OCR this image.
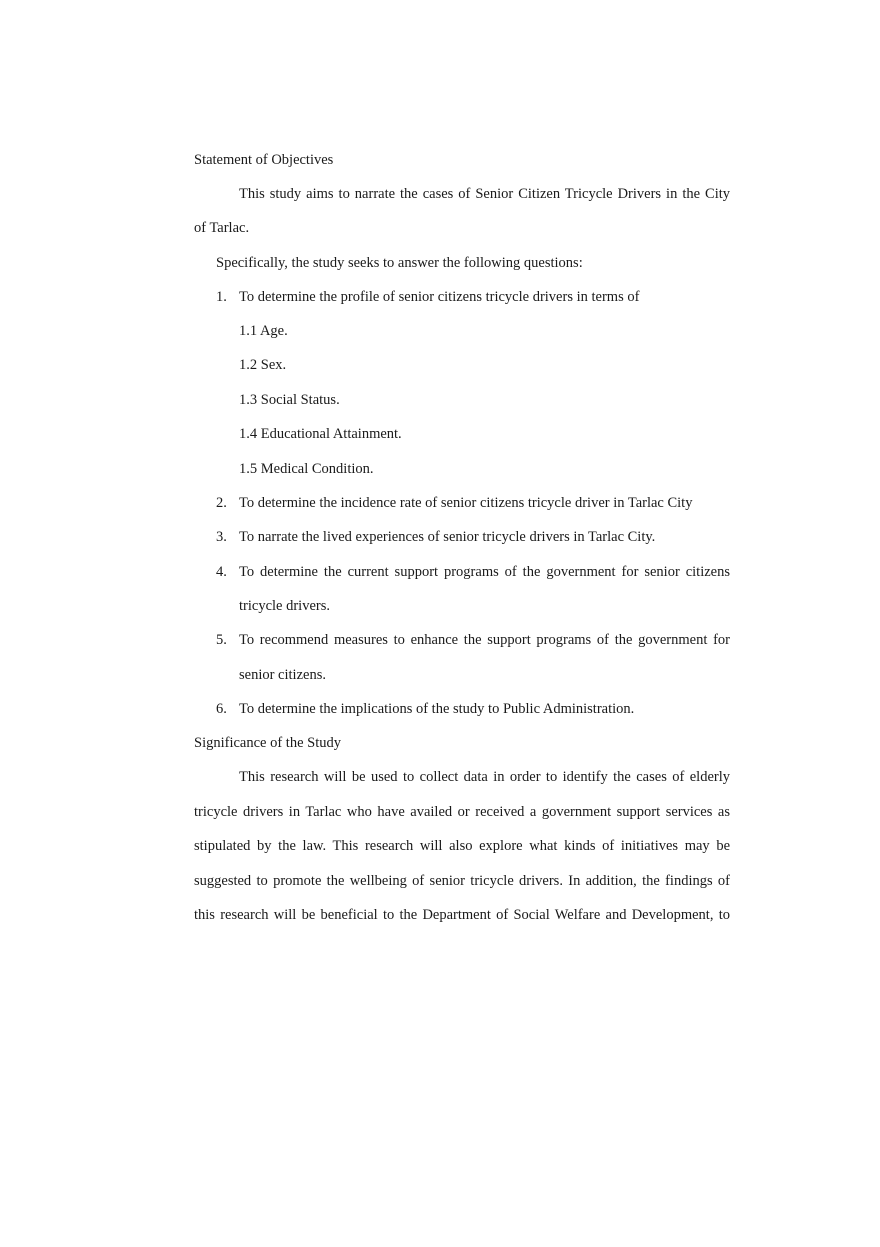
Statement of Objectives
This study aims to narrate the cases of Senior Citizen Tricycle Drivers in the City
of Tarlac.
Specifically, the study seeks to answer the following questions:
1. To determine the profile of senior citizens tricycle drivers in terms of
1.1 Age.
1.2 Sex.
1.3 Social Status.
1.4 Educational Attainment.
1.5 Medical Condition.
2. To determine the incidence rate of senior citizens tricycle driver in Tarlac City
3. To narrate the lived experiences of senior tricycle drivers in Tarlac City.
4. To determine the current support programs of the government for senior citizens
tricycle drivers.
5. To recommend measures to enhance the support programs of the government for
senior citizens.
6. To determine the implications of the study to Public Administration.
Significance of the Study
This research will be used to collect data in order to identify the cases of elderly
tricycle drivers in Tarlac who have availed or received a government support services as
stipulated by the law. This research will also explore what kinds of initiatives may be
suggested to promote the wellbeing of senior tricycle drivers. In addition, the findings of
this research will be beneficial to the Department of Social Welfare and Development, to
